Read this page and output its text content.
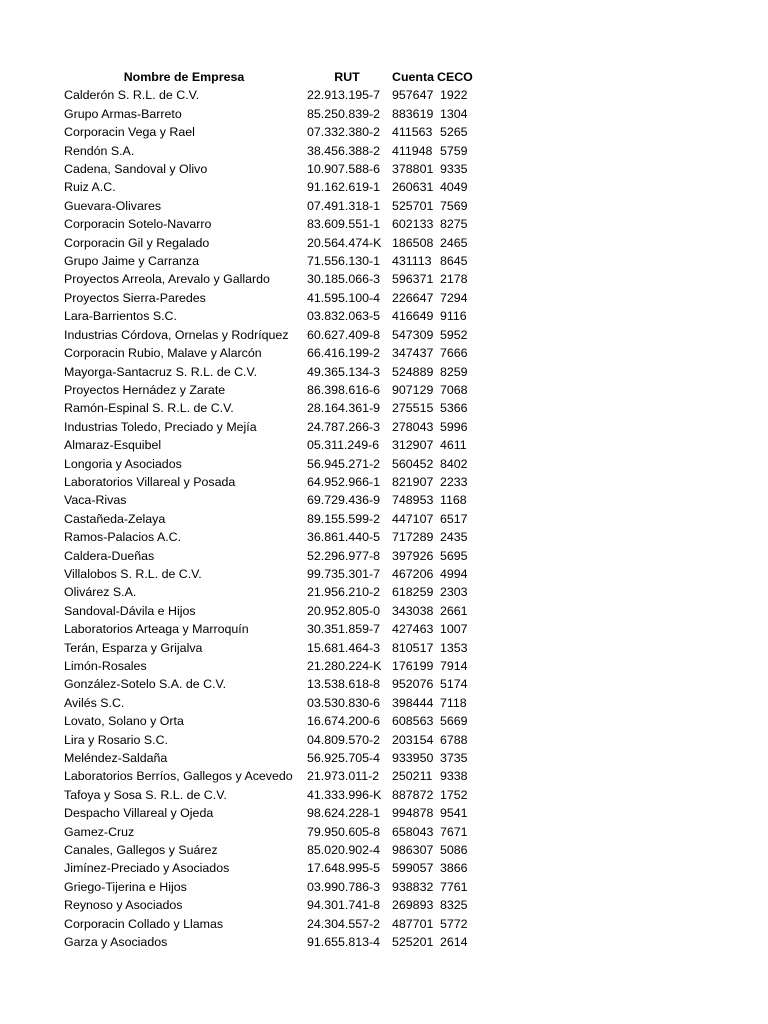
Nombre de Empresa	RUT	Cuenta	CECO
Calderón S. R.L. de C.V.	22.913.195-7	957647	1922
Grupo Armas-Barreto	85.250.839-2	883619	1304
Corporacin Vega y Rael	07.332.380-2	411563	5265
Rendón S.A.	38.456.388-2	411948	5759
Cadena, Sandoval y Olivo	10.907.588-6	378801	9335
Ruiz A.C.	91.162.619-1	260631	4049
Guevara-Olivares	07.491.318-1	525701	7569
Corporacin Sotelo-Navarro	83.609.551-1	602133	8275
Corporacin Gil y Regalado	20.564.474-K	186508	2465
Grupo Jaime y Carranza	71.556.130-1	431113	8645
Proyectos Arreola, Arevalo y Gallardo	30.185.066-3	596371	2178
Proyectos Sierra-Paredes	41.595.100-4	226647	7294
Lara-Barrientos S.C.	03.832.063-5	416649	9116
Industrias Córdova, Ornelas y Rodríquez	60.627.409-8	547309	5952
Corporacin Rubio, Malave y Alarcón	66.416.199-2	347437	7666
Mayorga-Santacruz S. R.L. de C.V.	49.365.134-3	524889	8259
Proyectos Hernádez y Zarate	86.398.616-6	907129	7068
Ramón-Espinal S. R.L. de C.V.	28.164.361-9	275515	5366
Industrias Toledo, Preciado y Mejía	24.787.266-3	278043	5996
Almaraz-Esquibel	05.311.249-6	312907	4611
Longoria y Asociados	56.945.271-2	560452	8402
Laboratorios Villareal y Posada	64.952.966-1	821907	2233
Vaca-Rivas	69.729.436-9	748953	1168
Castañeda-Zelaya	89.155.599-2	447107	6517
Ramos-Palacios A.C.	36.861.440-5	717289	2435
Caldera-Dueñas	52.296.977-8	397926	5695
Villalobos S. R.L. de C.V.	99.735.301-7	467206	4994
Olivárez S.A.	21.956.210-2	618259	2303
Sandoval-Dávila e Hijos	20.952.805-0	343038	2661
Laboratorios Arteaga y Marroquín	30.351.859-7	427463	1007
Terán, Esparza y Grijalva	15.681.464-3	810517	1353
Limón-Rosales	21.280.224-K	176199	7914
González-Sotelo S.A. de C.V.	13.538.618-8	952076	5174
Avilés S.C.	03.530.830-6	398444	7118
Lovato, Solano y Orta	16.674.200-6	608563	5669
Lira y Rosario S.C.	04.809.570-2	203154	6788
Meléndez-Saldaña	56.925.705-4	933950	3735
Laboratorios Berríos, Gallegos y Acevedo	21.973.011-2	250211	9338
Tafoya y Sosa S. R.L. de C.V.	41.333.996-K	887872	1752
Despacho Villareal y Ojeda	98.624.228-1	994878	9541
Gamez-Cruz	79.950.605-8	658043	7671
Canales, Gallegos y Suárez	85.020.902-4	986307	5086
Jimínez-Preciado y Asociados	17.648.995-5	599057	3866
Griego-Tijerina e Hijos	03.990.786-3	938832	7761
Reynoso y Asociados	94.301.741-8	269893	8325
Corporacin Collado y Llamas	24.304.557-2	487701	5772
Garza y Asociados	91.655.813-4	525201	2614
